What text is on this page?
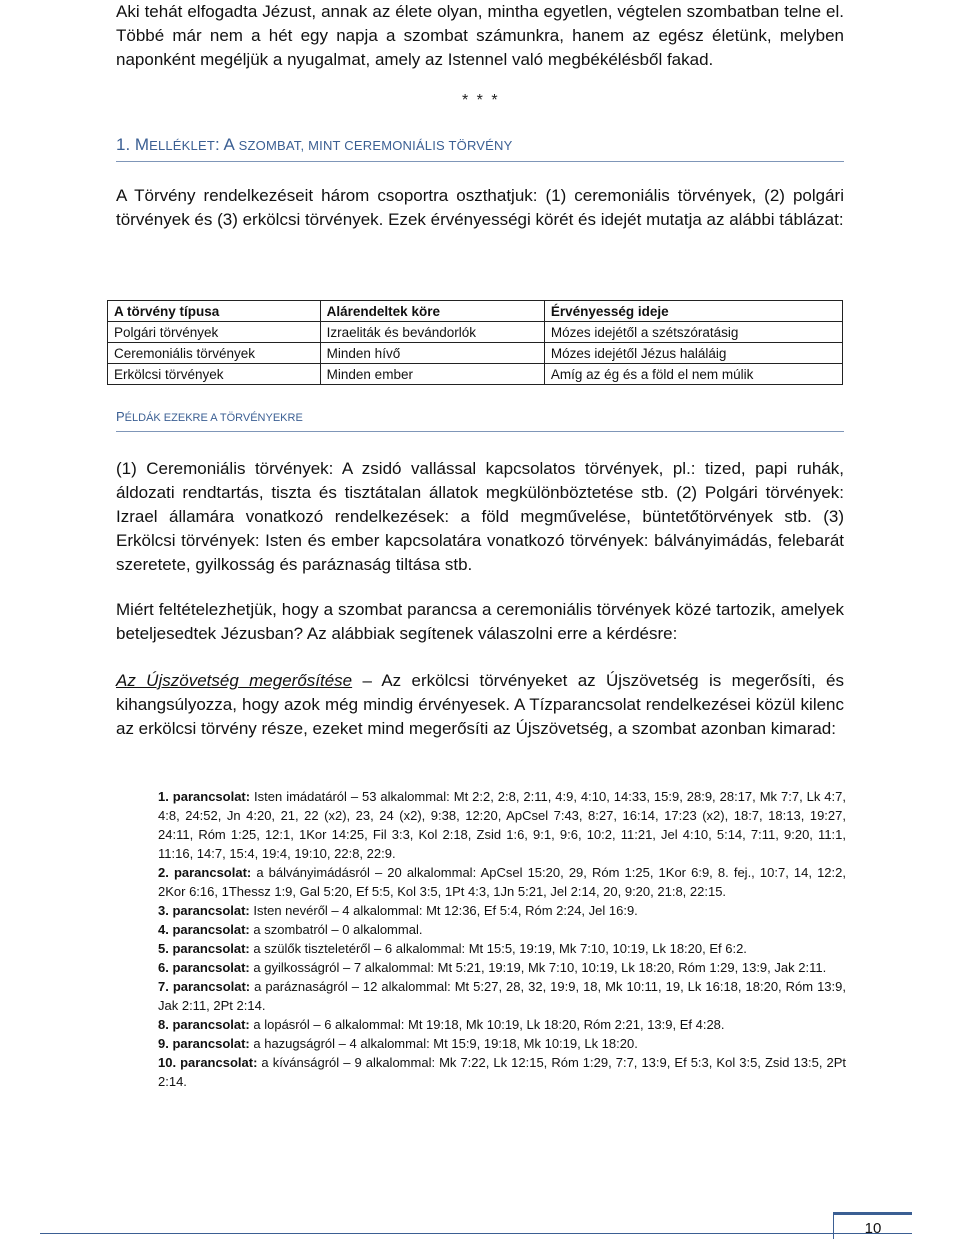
Aki tehát elfogadta Jézust, annak az élete olyan, mintha egyetlen, végtelen szombatban telne el. Többé már nem a hét egy napja a szombat számunkra, hanem az egész életünk, melyben naponként megéljük a nyugalmat, amely az Istennel való megbékélésből fakad.

* * *
1. MELLÉKLET: A SZOMBAT, MINT CEREMONIÁLIS TÖRVÉNY

A Törvény rendelkezéseit három csoportra oszthatjuk: (1) ceremoniális törvények, (2) polgári törvények és (3) erkölcsi törvények. Ezek érvényességi körét és idejét mutatja az alábbi táblázat:

A törvény típusa	Alárendeltek köre	Érvényesség ideje
Polgári törvények	Izraeliták és bevándorlók	Mózes idejétől a szétszóratásig
Ceremoniális törvények	Minden hívő	Mózes idejétől Jézus haláláig
Erkölcsi törvények	Minden ember	Amíg az ég és a föld el nem múlik
PÉLDÁK EZEKRE A TÖRVÉNYEKRE

(1) Ceremoniális törvények: A zsidó vallással kapcsolatos törvények, pl.: tized, papi ruhák, áldozati rendtartás, tiszta és tisztátalan állatok megkülönböztetése stb. (2) Polgári törvények: Izrael államára vonatkozó rendelkezések: a föld megművelése, büntetőtörvények stb. (3) Erkölcsi törvények: Isten és ember kapcsolatára vonatkozó törvények: bálványimádás, felebarát szeretete, gyilkosság és paráznaság tiltása stb.

Miért feltételezhetjük, hogy a szombat parancsa a ceremoniális törvények közé tartozik, amelyek beteljesedtek Jézusban? Az alábbiak segítenek válaszolni erre a kérdésre:

Az Újszövetség megerősítése – Az erkölcsi törvényeket az Újszövetség is megerősíti, és kihangsúlyozza, hogy azok még mindig érvényesek. A Tízparancsolat rendelkezései közül kilenc az erkölcsi törvény része, ezeket mind megerősíti az Újszövetség, a szombat azonban kimarad:

1. parancsolat: Isten imádatáról – 53 alkalommal: Mt 2:2, 2:8, 2:11, 4:9, 4:10, 14:33, 15:9, 28:9, 28:17, Mk 7:7, Lk 4:7, 4:8, 24:52, Jn 4:20, 21, 22 (x2), 23, 24 (x2), 9:38, 12:20, ApCsel 7:43, 8:27, 16:14, 17:23 (x2), 18:7, 18:13, 19:27, 24:11, Róm 1:25, 12:1, 1Kor 14:25, Fil 3:3, Kol 2:18, Zsid 1:6, 9:1, 9:6, 10:2, 11:21, Jel 4:10, 5:14, 7:11, 9:20, 11:1, 11:16, 14:7, 15:4, 19:4, 19:10, 22:8, 22:9.

2. parancsolat: a bálványimádásról – 20 alkalommal: ApCsel 15:20, 29, Róm 1:25, 1Kor 6:9, 8. fej., 10:7, 14, 12:2, 2Kor 6:16, 1Thessz 1:9, Gal 5:20, Ef 5:5, Kol 3:5, 1Pt 4:3, 1Jn 5:21, Jel 2:14, 20, 9:20, 21:8, 22:15.

3. parancsolat: Isten nevéről – 4 alkalommal: Mt 12:36, Ef 5:4, Róm 2:24, Jel 16:9.

4. parancsolat: a szombatról – 0 alkalommal.

5. parancsolat: a szülők tiszteletéről – 6 alkalommal: Mt 15:5, 19:19, Mk 7:10, 10:19, Lk 18:20, Ef 6:2.

6. parancsolat: a gyilkosságról – 7 alkalommal: Mt 5:21, 19:19, Mk 7:10, 10:19, Lk 18:20, Róm 1:29, 13:9, Jak 2:11.

7. parancsolat: a paráznaságról – 12 alkalommal: Mt 5:27, 28, 32, 19:9, 18, Mk 10:11, 19, Lk 16:18, 18:20, Róm 13:9, Jak 2:11, 2Pt 2:14.

8. parancsolat: a lopásról – 6 alkalommal: Mt 19:18, Mk 10:19, Lk 18:20, Róm 2:21, 13:9, Ef 4:28.

9. parancsolat: a hazugságról – 4 alkalommal: Mt 15:9, 19:18, Mk 10:19, Lk 18:20.

10. parancsolat: a kívánságról – 9 alkalommal: Mk 7:22, Lk 12:15, Róm 1:29, 7:7, 13:9, Ef 5:3, Kol 3:5, Zsid 13:5, 2Pt 2:14.

10
